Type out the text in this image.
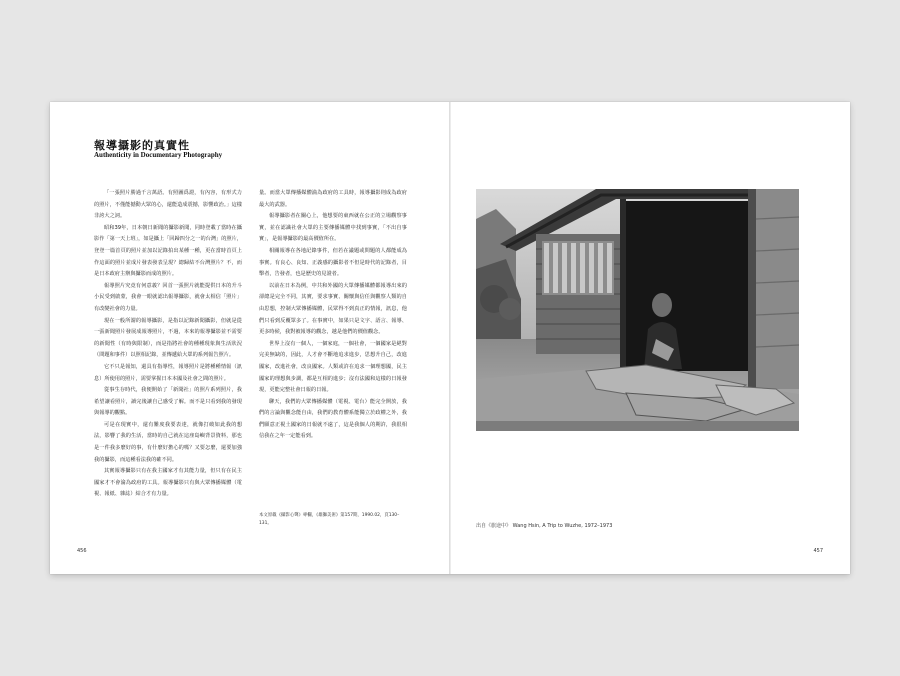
報導攝影的真實性
Authenticity in Documentary Photography

「一張照片勝過千言萬語。有照圖爲證，有內容，有形式力的照片，不僅能撼動大眾的心，還能造成震撼，影響政治。」這樣非誇大之詞。

昭和39年，日本朝日新聞的攝影新聞，同時登載了當時在攝影作「第一天上班」，如是攝上「回歸四分之一的台灣」的照片，登登一篇首頁的照片並加以記錄拍出某種一種，更在當時首頁上作這面的照片並成片發表發表呈現？總歸結不台灣照片？不，而是日本政府主辦與攝影而成的照片。

報導照片究竟有何意義？回首一張照片就能提供日本的升斗小民受到啟蒙，我會一眼就認出報導攝影，就會太相信「照片」有改變社會的力量。

現在一般所謂的報導攝影，是指以記錄新聞攝影，但就是從一張新聞照片發展成報導照片，不過，本來的報導攝影並不需要的新聞性（有時與限制），而是指將社會的種種現象與生活狀況（問題和事件）以照相記錄，並傳遞給大眾的系列報告照片。

它不只是報知，還具有指導性，報導照片是將種種情報（訊息）所使用的照片，需要掌握日本本國及社會之間的照片。

從事生存時代，我便開始了「新聞社」的照片系列照片，我希望讓看照片，讀完後讓自己感受了解。而不是只看到我的發現與報導的觀點。

可是在現實中，還有難度我要表達，就像打破如此我的想法，影響了我的生活，當時的自己就在這座島嶼背景資料，那也是一件我多麼好的事，有什麼好擔心的嗎？又要怎麼，還要加強我的攝影，而這種看法我的確不同。

其實報導攝影只有在我主國家才有其能力量，但只有在民主國家才不會淪為政府的工具。報導攝影只有與大眾傳播媒體（電視、報紙、雜誌）結合才有力量。

量。而當大眾傳播媒體淪為政府的工具時，報導攝影則成為政府最大的武器。

報導攝影者在關心上，他想要的東西就在公正的立場觀察事實，並在認識社會大眾的主要傳播媒體中找到事實，「不出自事實」，是報導攝影的最高價值所在。

相關報導在各地記錄事件，但若在議題或問題的人都能成為事實。有良心、良知、正義感的攝影者不但是時代的記錄者，目擊者，告發者，也是歷史的見證者。

以前在日本為例，中共和外國的大眾傳播媒體都報導出來的卻總是完全不同，其實，要求事實、關懷與信任與觀察人類的自由思想，控制大眾傳播媒體，民眾得不到真正的情報，訊息，他們只看到反覆眾多了。在事實中，如果只是文字、語言、報導、更多時候，我對被報導的觀念，越是他們的價值觀念。

世界上沒有一個人，一個家庭，一個社會，一個國家是絕對完美無缺的，因此，人才會不斷地追求進步，思想升自己，改進國家，改進社會，改良國家。人類或許在追求一個理想國，民主國家的理想與步調，都是互相的進步；沒有法國和這樣的日報發現，更能完整社會日報的日報。

聊天，我們的大眾傳播媒體（電視、電台）能完全開放，我們的言論與觀念能自由，我們的教育體系能獨立於政權之外，我們願意正視土國家的日報就不遠了，這是我個人的期許，我很相信我在之年一定能看到。

本文原載《攝影心聲》專欄，《雄獅美術》第157期，1990.02，頁130–131。
456
出自《旅途中》 Wang Hsin, A Trip to Wuzhe, 1972–1973
457
